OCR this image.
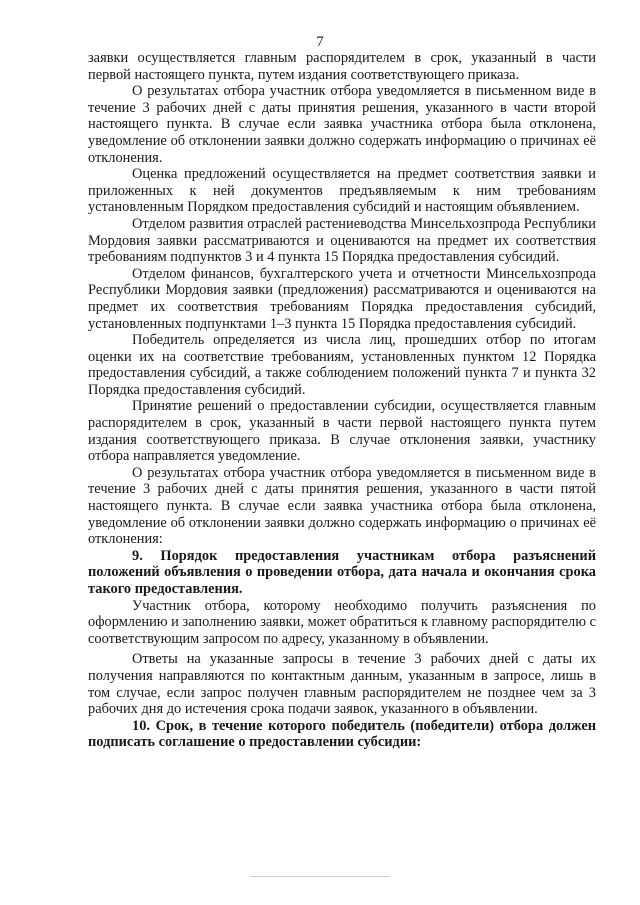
7

заявки осуществляется главным распорядителем в срок, указанный в части первой настоящего пункта, путем издания соответствующего приказа.

О результатах отбора участник отбора уведомляется в письменном виде в течение 3 рабочих дней с даты принятия решения, указанного в части второй настоящего пункта. В случае если заявка участника отбора была отклонена, уведомление об отклонении заявки должно содержать информацию о причинах её отклонения.

Оценка предложений осуществляется на предмет соответствия заявки и приложенных к ней документов предъявляемым к ним требованиям установленным Порядком предоставления субсидий и настоящим объявлением.

Отделом развития отраслей растениеводства Минсельхозпрода Республики Мордовия заявки рассматриваются и оцениваются на предмет их соответствия требованиям подпунктов 3 и 4 пункта 15 Порядка предоставления субсидий.

Отделом финансов, бухгалтерского учета и отчетности Минсельхозпрода Республики Мордовия заявки (предложения) рассматриваются и оцениваются на предмет их соответствия требованиям Порядка предоставления субсидий, установленных подпунктами 1–3 пункта 15 Порядка предоставления субсидий.

Победитель определяется из числа лиц, прошедших отбор по итогам оценки их на соответствие требованиям, установленных пунктом 12 Порядка предоставления субсидий, а также соблюдением положений пункта 7 и пункта 32 Порядка предоставления субсидий.

Принятие решений о предоставлении субсидии, осуществляется главным распорядителем в срок, указанный в части первой настоящего пункта путем издания соответствующего приказа. В случае отклонения заявки, участнику отбора направляется уведомление.

О результатах отбора участник отбора уведомляется в письменном виде в течение 3 рабочих дней с даты принятия решения, указанного в части пятой настоящего пункта. В случае если заявка участника отбора была отклонена, уведомление об отклонении заявки должно содержать информацию о причинах её отклонения:

9. Порядок предоставления участникам отбора разъяснений положений объявления о проведении отбора, дата начала и окончания срока такого предоставления.

Участник отбора, которому необходимо получить разъяснения по оформлению и заполнению заявки, может обратиться к главному распорядителю с соответствующим запросом по адресу, указанному в объявлении.

Ответы на указанные запросы в течение 3 рабочих дней с даты их получения направляются по контактным данным, указанным в запросе, лишь в том случае, если запрос получен главным распорядителем не позднее чем за 3 рабочих дня до истечения срока подачи заявок, указанного в объявлении.

10. Срок, в течение которого победитель (победители) отбора должен подписать соглашение о предоставлении субсидии:
